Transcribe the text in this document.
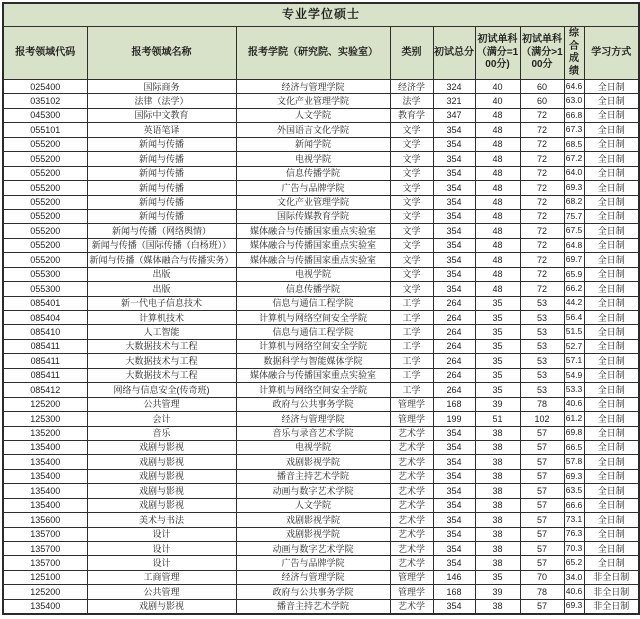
专业学位硕士								
报考领域代码	报考领域名称	报考学院（研究院、实验室）	类别	初试总分	初试单科（满分=100分)	初试单科（满分>100分	综合成绩	学习方式
025400	国际商务	经济与管理学院	经济学	324	40	60	64.6	全日制
035102	法律（法学）	文化产业管理学院	法学	321	40	60	63.0	全日制
045300	国际中文教育	人文学院	教育学	347	48	72	66.8	全日制
055101	英语笔译	外国语言文化学院	文学	354	48	72	67.3	全日制
055200	新闻与传播	新闻学院	文学	354	48	72	68.5	全日制
055200	新闻与传播	电视学院	文学	354	48	72	67.2	全日制
055200	新闻与传播	信息传播学院	文学	354	48	72	64.0	全日制
055200	新闻与传播	广告与品牌学院	文学	354	48	72	69.3	全日制
055200	新闻与传播	文化产业管理学院	文学	354	48	72	68.2	全日制
055200	新闻与传播	国际传媒教育学院	文学	354	48	72	75.7	全日制
055200	新闻与传播（网络舆情）	媒体融合与传播国家重点实验室	文学	354	48	72	67.5	全日制
055200	新闻与传播（国际传播（白杨班））	媒体融合与传播国家重点实验室	文学	354	48	72	64.8	全日制
055200	新闻与传播（媒体融合与传播实务）	媒体融合与传播国家重点实验室	文学	354	48	72	69.7	全日制
055300	出版	电视学院	文学	354	48	72	65.9	全日制
055300	出版	信息传播学院	文学	354	48	72	66.2	全日制
085401	新一代电子信息技术	信息与通信工程学院	工学	264	35	53	44.2	全日制
085404	计算机技术	计算机与网络空间安全学院	工学	264	35	53	56.4	全日制
085410	人工智能	信息与通信工程学院	工学	264	35	53	51.5	全日制
085411	大数据技术与工程	计算机与网络空间安全学院	工学	264	35	53	52.7	全日制
085411	大数据技术与工程	数据科学与智能媒体学院	工学	264	35	53	57.1	全日制
085411	大数据技术与工程	媒体融合与传播国家重点实验室	工学	264	35	53	54.9	全日制
085412	网络与信息安全(传奇班)	计算机与网络空间安全学院	工学	264	35	53	53.3	全日制
125200	公共管理	政府与公共事务学院	管理学	168	39	78	40.6	全日制
125300	会计	经济与管理学院	管理学	199	51	102	61.2	全日制
135200	音乐	音乐与录音艺术学院	艺术学	354	38	57	69.8	全日制
135400	戏剧与影视	电视学院	艺术学	354	38	57	66.5	全日制
135400	戏剧与影视	戏剧影视学院	艺术学	354	38	57	57.8	全日制
135400	戏剧与影视	播音主持艺术学院	艺术学	354	38	57	69.3	全日制
135400	戏剧与影视	动画与数字艺术学院	艺术学	354	38	57	63.5	全日制
135400	戏剧与影视	人文学院	艺术学	354	38	57	66.6	全日制
135600	美术与书法	戏剧影视学院	艺术学	354	38	57	73.1	全日制
135700	设计	戏剧影视学院	艺术学	354	38	57	76.3	全日制
135700	设计	动画与数字艺术学院	艺术学	354	38	57	70.3	全日制
135700	设计	广告与品牌学院	艺术学	354	38	57	65.2	全日制
125100	工商管理	经济与管理学院	管理学	146	35	70	34.0	非全日制
125200	公共管理	政府与公共事务学院	管理学	168	39	78	40.6	非全日制
135400	戏剧与影视	播音主持艺术学院	艺术学	354	38	57	69.3	非全日制
